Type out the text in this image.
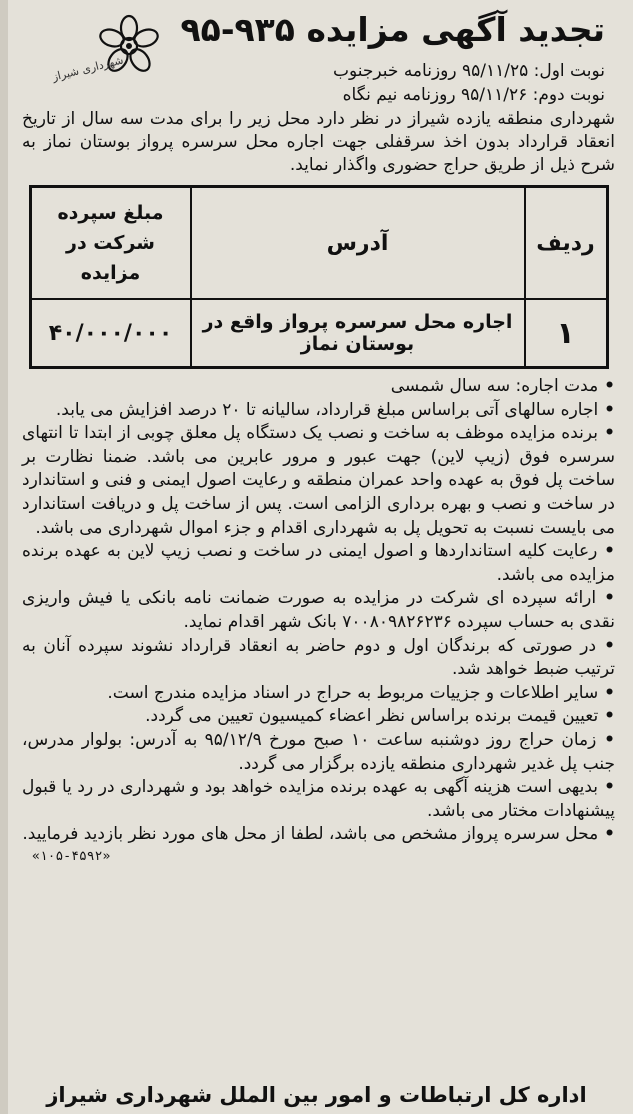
تجدید آگهی مزایده ۹۳۵-۹۵
شهرداری شیراز	نوبت اول: ۹۵/۱۱/۲۵ روزنامه خبرجنوب
نوبت دوم: ۹۵/۱۱/۲۶ روزنامه نیم نگاه

شهرداری منطقه یازده شیراز در نظر دارد محل زیر را برای مدت سه سال از تاریخ انعقاد قرارداد بدون اخذ سرقفلی جهت اجاره محل سرسره پرواز بوستان نماز به شرح ذیل از طریق حراج حضوری واگذار نماید.

ردیف	آدرس	مبلغ سپرده شرکت در مزایده
۱	اجاره محل سرسره پرواز واقع در بوستان نماز	۴۰/۰۰۰/۰۰۰
• مدت اجاره: سه سال شمسی
• اجاره سالهای آتی براساس مبلغ قرارداد، سالیانه تا ۲۰ درصد افزایش می یابد.
• برنده مزایده موظف به ساخت و نصب یک دستگاه پل معلق چوبی از ابتدا تا انتهای سرسره فوق (زیپ لاین) جهت عبور و مرور عابرین می باشد. ضمنا نظارت بر ساخت پل فوق به عهده واحد عمران منطقه و رعایت اصول ایمنی و فنی و استاندارد در ساخت و نصب و بهره برداری الزامی است. پس از ساخت پل و دریافت استاندارد می بایست نسبت به تحویل پل به شهرداری اقدام و جزء اموال شهرداری می باشد.
• رعایت کلیه استانداردها و اصول ایمنی در ساخت و نصب زیپ لاین به عهده برنده مزایده می باشد.
• ارائه سپرده ای شرکت در مزایده به صورت ضمانت نامه بانکی یا فیش واریزی نقدی به حساب سپرده ۷۰۰۸۰۹۸۲۶۲۳۶ بانک شهر اقدام نماید.
• در صورتی که برندگان اول و دوم حاضر به انعقاد قرارداد نشوند سپرده آنان به ترتیب ضبط خواهد شد.
• سایر اطلاعات و جزییات مربوط به حراج در اسناد مزایده مندرج است.
• تعیین قیمت برنده براساس نظر اعضاء کمیسیون تعیین می گردد.
• زمان حراج روز دوشنبه ساعت ۱۰ صبح مورخ ۹۵/۱۲/۹ به آدرس: بولوار مدرس، جنب پل غدیر شهرداری منطقه یازده برگزار می گردد.
• بدیهی است هزینه آگهی به عهده برنده مزایده خواهد بود و شهرداری در رد یا قبول پیشنهادات مختار می باشد.
• محل سرسره پرواز مشخص می باشد، لطفا از محل های مورد نظر بازدید فرمایید.
«۱۰۵-۴۵۹۲»
اداره کل ارتباطات و امور بین الملل شهرداری شیراز
